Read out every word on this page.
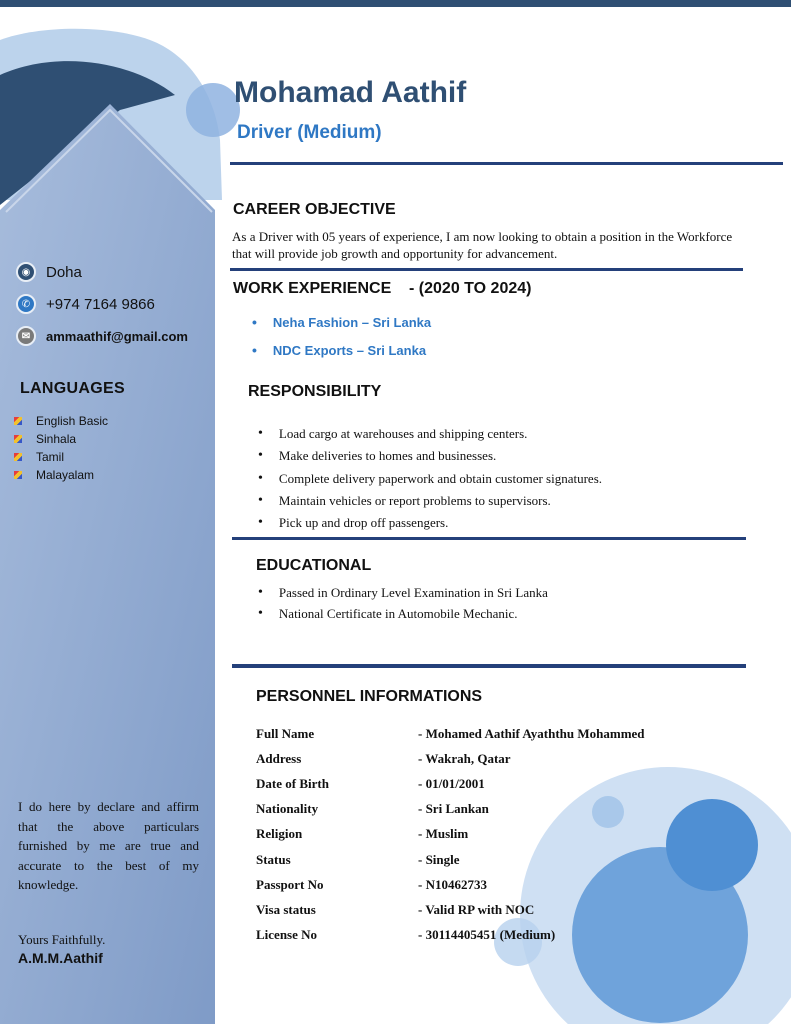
◉	Doha
✆	+974 7164 9866
✉	ammaathif@gmail.com
LANGUAGES
English Basic
Sinhala
Tamil
Malayalam
I do here by declare and affirm that the above particulars furnished by me are true and accurate to the best of my knowledge.
Yours Faithfully.
A.M.M.Aathif
Mohamad Aathif
Driver (Medium)
CAREER OBJECTIVE
As a Driver with 05 years of experience, I am now looking to obtain a position in the Workforce that will provide job growth and opportunity for advancement.
WORK EXPERIENCE    - (2020 TO 2024)
• Neha Fashion – Sri Lanka
• NDC Exports – Sri Lanka
RESPONSIBILITY
• Load cargo at warehouses and shipping centers.
• Make deliveries to homes and businesses.
• Complete delivery paperwork and obtain customer signatures.
• Maintain vehicles or report problems to supervisors.
• Pick up and drop off passengers.
EDUCATIONAL
• Passed in Ordinary Level Examination in Sri Lanka
• National Certificate in Automobile Mechanic.
PERSONNEL INFORMATIONS
Full Name	- Mohamed Aathif Ayaththu Mohammed
Address	- Wakrah, Qatar
Date of Birth	- 01/01/2001
Nationality	- Sri Lankan
Religion	- Muslim
Status	- Single
Passport No	- N10462733
Visa status	- Valid RP with NOC
License No	- 30114405451 (Medium)
